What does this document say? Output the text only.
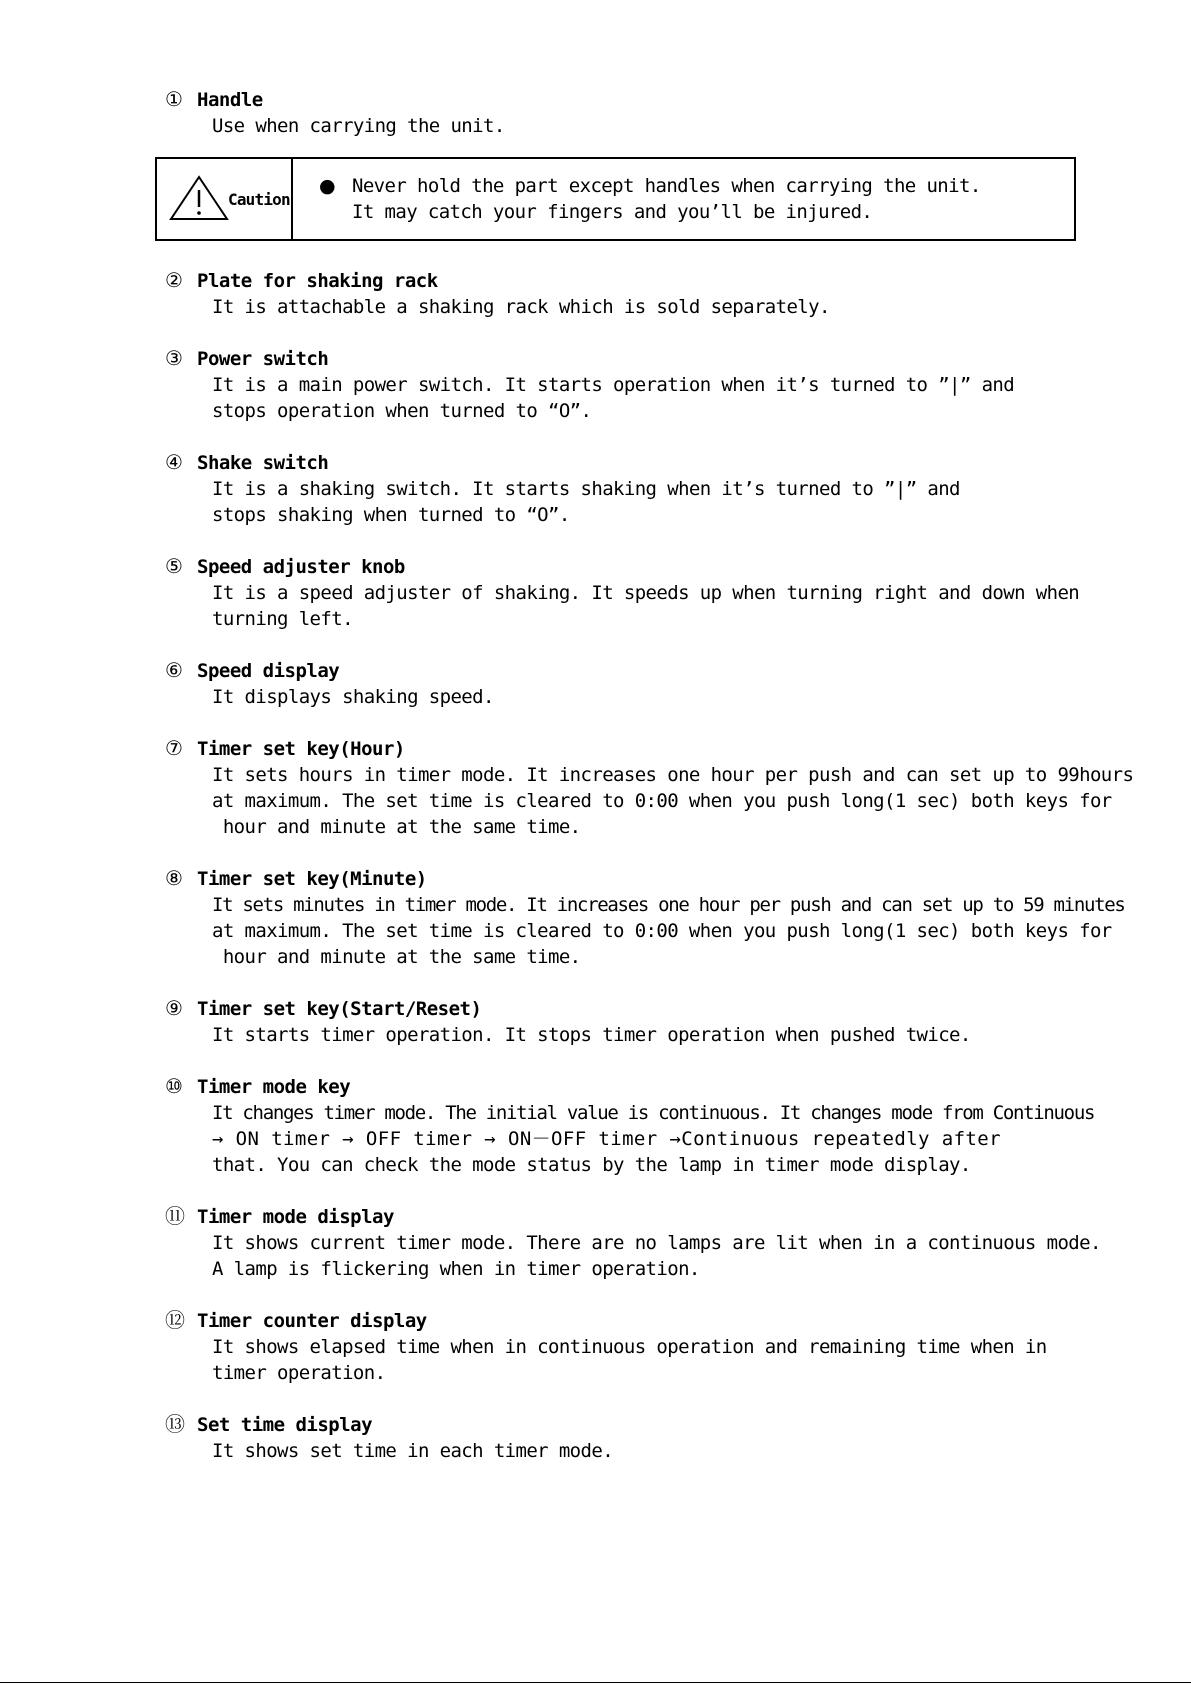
① Handle
Use when carrying the unit.
Caution
● Never hold the part except handles when carrying the unit.
It may catch your fingers and you’ll be injured.
② Plate for shaking rack
It is attachable a shaking rack which is sold separately.
③ Power switch
It is a main power switch. It starts operation when it’s turned to ”|” and
stops operation when turned to “O”.
④ Shake switch
It is a shaking switch. It starts shaking when it’s turned to ”|” and
stops shaking when turned to “O”.
⑤ Speed adjuster knob
It is a speed adjuster of shaking. It speeds up when turning right and down when
turning left.
⑥ Speed display
It displays shaking speed.
⑦ Timer set key(Hour)
It sets hours in timer mode. It increases one hour per push and can set up to 99hours
at maximum. The set time is cleared to 0:00 when you push long(1 sec) both keys for
hour and minute at the same time.
⑧ Timer set key(Minute)
It sets minutes in timer mode. It increases one hour per push and can set up to 59 minutes
at maximum. The set time is cleared to 0:00 when you push long(1 sec) both keys for
hour and minute at the same time.
⑨ Timer set key(Start/Reset)
It starts timer operation. It stops timer operation when pushed twice.
⑩ Timer mode key
It changes timer mode. The initial value is continuous. It changes mode from Continuous
→ ON timer → OFF timer → ON－OFF timer →Continuous repeatedly after
that. You can check the mode status by the lamp in timer mode display.
⑪ Timer mode display
It shows current timer mode. There are no lamps are lit when in a continuous mode.
A lamp is flickering when in timer operation.
⑫ Timer counter display
It shows elapsed time when in continuous operation and remaining time when in
timer operation.
⑬ Set time display
It shows set time in each timer mode.
